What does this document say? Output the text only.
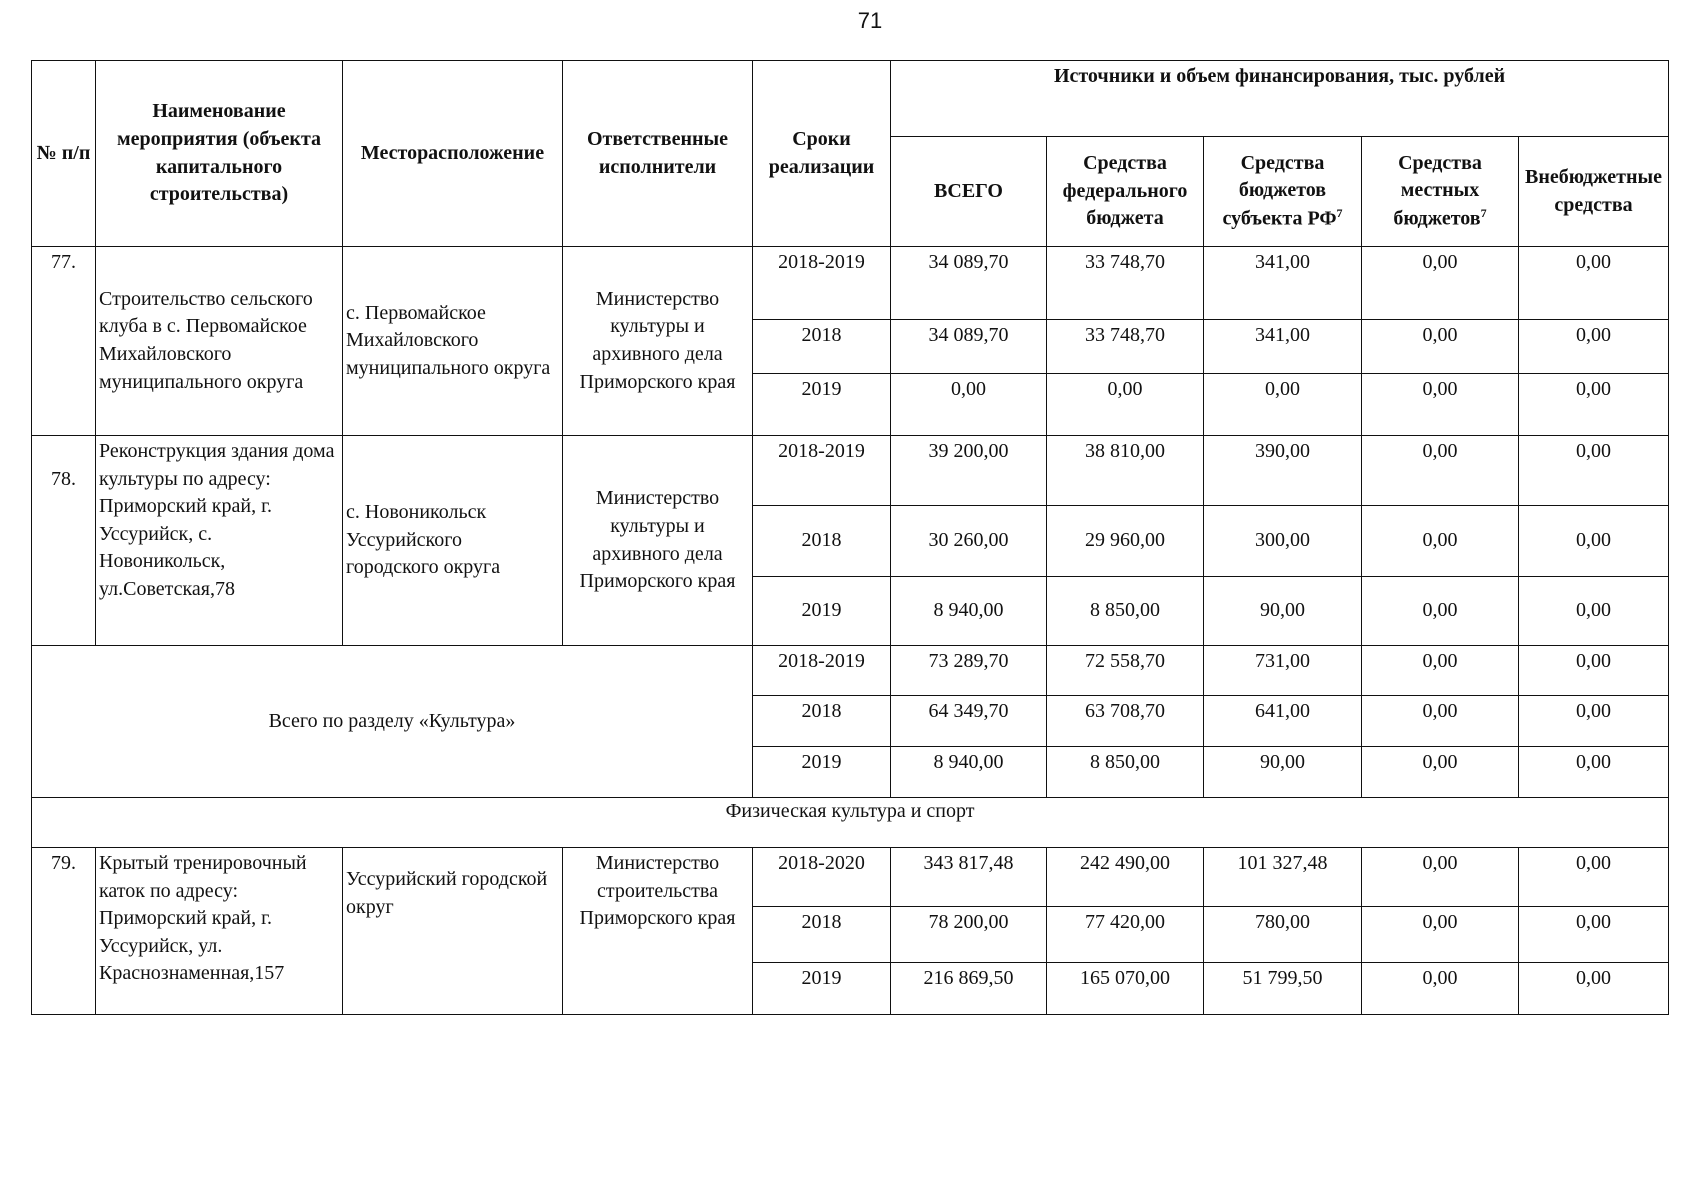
71
№ п/п	Наименование мероприятия (объекта капитального строительства)	Месторасположение	Ответственные исполнители	Сроки реализации	Источники и объем финансирования, тыс. рублей				
					ВСЕГО	Средства федерального бюджета	Средства бюджетов субъекта $РФ^7$	Средства местных бюджетов$^7$	Внебюджетные средства
77.	Строительство сельского клуба в с. Первомайское Михайловского муниципального округа	с. Первомайское Михайловского муниципального округа	Министерство культуры и архивного дела Приморского края	2018-2019	34 089,70	33 748,70	341,00	0,00	0,00
				2018	34 089,70	33 748,70	341,00	0,00	0,00
				2019	0,00	0,00	0,00	0,00	0,00
78.	Реконструкция здания дома культуры по адресу: Приморский край, г. Уссурийск, с. Новоникольск, ул.Советская,78	с. Новоникольск Уссурийского городского округа	Министерство культуры и архивного дела Приморского края	2018-2019	39 200,00	38 810,00	390,00	0,00	0,00
				2018	30 260,00	29 960,00	300,00	0,00	0,00
				2019	8 940,00	8 850,00	90,00	0,00	0,00
Всего по разделу «Культура»				2018-2019	73 289,70	72 558,70	731,00	0,00	0,00
				2018	64 349,70	63 708,70	641,00	0,00	0,00
				2019	8 940,00	8 850,00	90,00	0,00	0,00
Физическая культура и спорт									
79.	Крытый тренировочный каток по адресу: Приморский край, г. Уссурийск, ул. Краснознаменная,157	Уссурийский городской округ	Министерство строительства Приморского края	2018-2020	343 817,48	242 490,00	101 327,48	0,00	0,00
				2018	78 200,00	77 420,00	780,00	0,00	0,00
				2019	216 869,50	165 070,00	51 799,50	0,00	0,00
